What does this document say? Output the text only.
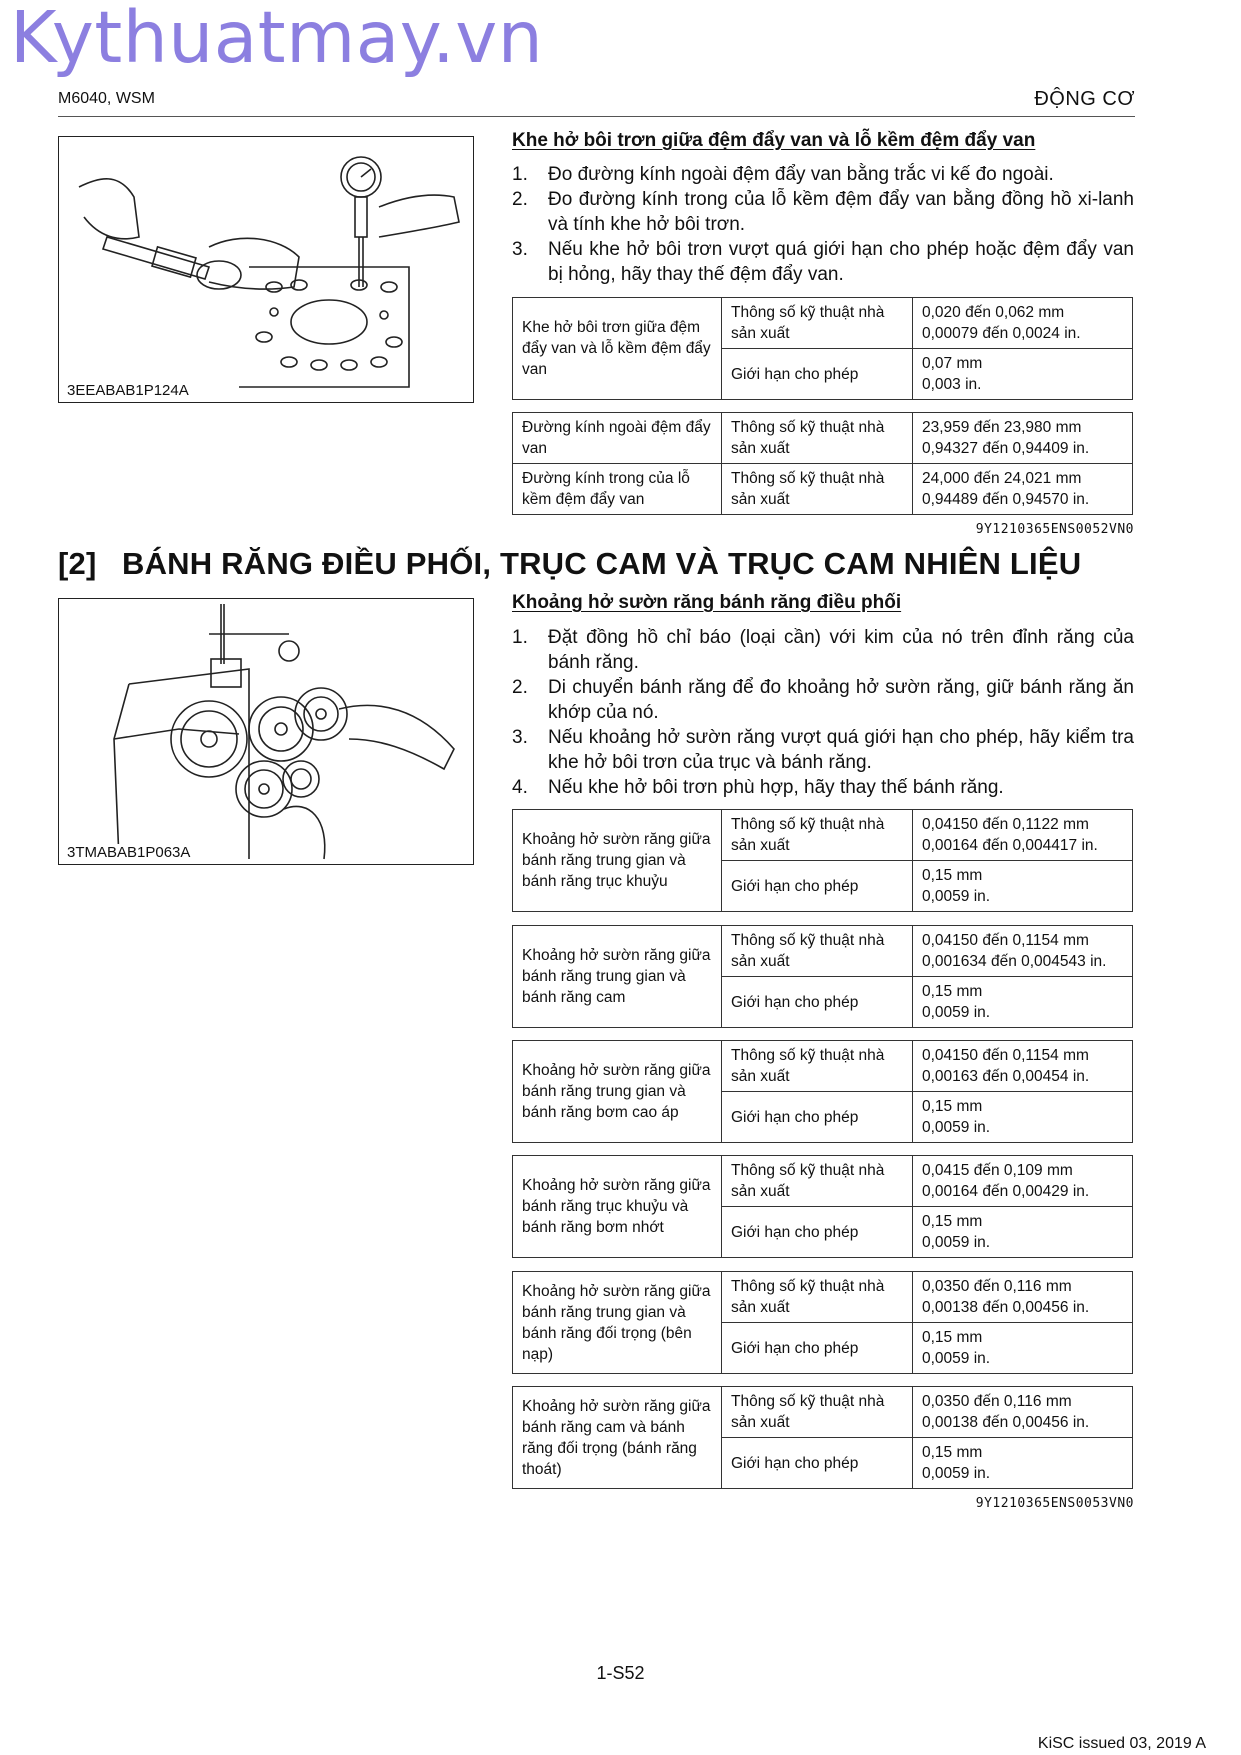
Kythuatmay.vn
M6040, WSM	ĐỘNG CƠ
3EEABAB1P124A
Khe hở bôi trơn giữa đệm đẩy van và lỗ kềm đệm đẩy van
1.	Đo đường kính ngoài đệm đẩy van bằng trắc vi kế đo ngoài.
2.	Đo đường kính trong của lỗ kềm đệm đẩy van bằng đồng hồ xi-lanh và tính khe hở bôi trơn.
3.	Nếu khe hở bôi trơn vượt quá giới hạn cho phép hoặc đệm đẩy van bị hỏng, hãy thay thế đệm đẩy van.
Khe hở bôi trơn giữa đệm đẩy van và lỗ kềm đệm đẩy van	Thông số kỹ thuật nhà sản xuất	0,020 đến 0,062 mm
0,00079 đến 0,0024 in.
	Giới hạn cho phép	0,07 mm
0,003 in.
Đường kính ngoài đệm đẩy van	Thông số kỹ thuật nhà sản xuất	23,959 đến 23,980 mm
0,94327 đến 0,94409 in.
Đường kính trong của lỗ kềm đệm đẩy van	Thông số kỹ thuật nhà sản xuất	24,000 đến 24,021 mm
0,94489 đến 0,94570 in.
9Y1210365ENS0052VN0
[2] BÁNH RĂNG ĐIỀU PHỐI, TRỤC CAM VÀ TRỤC CAM NHIÊN LIỆU
3TMABAB1P063A
Khoảng hở sườn răng bánh răng điều phối
1.	Đặt đồng hồ chỉ báo (loại cần) với kim của nó trên đỉnh răng của bánh răng.
2.	Di chuyển bánh răng để đo khoảng hở sườn răng, giữ bánh răng ăn khớp của nó.
3.	Nếu khoảng hở sườn răng vượt quá giới hạn cho phép, hãy kiểm tra khe hở bôi trơn của trục và bánh răng.
4.	Nếu khe hở bôi trơn phù hợp, hãy thay thế bánh răng.
Khoảng hở sườn răng giữa bánh răng trung gian và bánh răng trục khuỷu	Thông số kỹ thuật nhà sản xuất	0,04150 đến 0,1122 mm
0,00164 đến 0,004417 in.
	Giới hạn cho phép	0,15 mm
0,0059 in.
Khoảng hở sườn răng giữa bánh răng trung gian và bánh răng cam	Thông số kỹ thuật nhà sản xuất	0,04150 đến 0,1154 mm
0,001634 đến 0,004543 in.
	Giới hạn cho phép	0,15 mm
0,0059 in.
Khoảng hở sườn răng giữa bánh răng trung gian và bánh răng bơm cao áp	Thông số kỹ thuật nhà sản xuất	0,04150 đến 0,1154 mm
0,00163 đến 0,00454 in.
	Giới hạn cho phép	0,15 mm
0,0059 in.
Khoảng hở sườn răng giữa bánh răng trục khuỷu và bánh răng bơm nhớt	Thông số kỹ thuật nhà sản xuất	0,0415 đến 0,109 mm
0,00164 đến 0,00429 in.
	Giới hạn cho phép	0,15 mm
0,0059 in.
Khoảng hở sườn răng giữa bánh răng trung gian và bánh răng đối trọng (bên nạp)	Thông số kỹ thuật nhà sản xuất	0,0350 đến 0,116 mm
0,00138 đến 0,00456 in.
	Giới hạn cho phép	0,15 mm
0,0059 in.
Khoảng hở sườn răng giữa bánh răng cam và bánh răng đối trọng (bánh răng thoát)	Thông số kỹ thuật nhà sản xuất	0,0350 đến 0,116 mm
0,00138 đến 0,00456 in.
	Giới hạn cho phép	0,15 mm
0,0059 in.
9Y1210365ENS0053VN0
1-S52
KiSC issued 03, 2019 A
